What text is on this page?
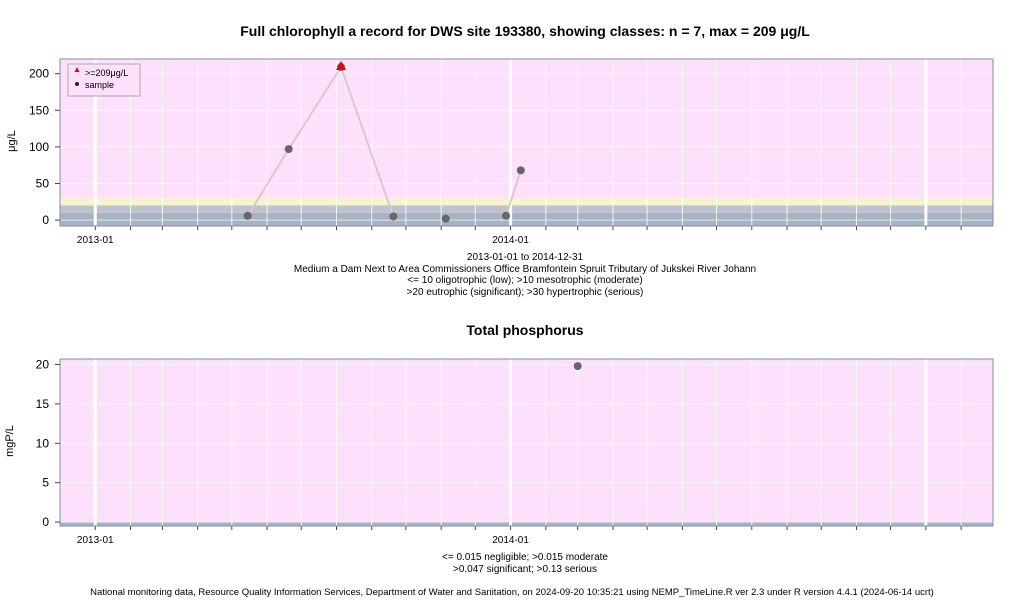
Full chlorophyll a record for DWS site 193380, showing classes: n = 7, max = 209 μg/L
μg/L
0
50
100
150
200
2013-01	2014-01
>=209μg/L
sample
2013-01-01 to 2014-12-31
Medium a Dam Next to Area Commissioners Office Bramfontein Spruit Tributary of Jukskei River Johann
<= 10 oligotrophic (low); >10 mesotrophic (moderate)
>20 eutrophic (significant); >30 hypertrophic (serious)
Total phosphorus
mgP/L
0
5
10
15
20
2013-01	2014-01
<= 0.015 negligible; >0.015 moderate
>0.047 significant; >0.13 serious
National monitoring data, Resource Quality Information Services, Department of Water and Sanitation, on 2024-09-20 10:35:21 using NEMP_TimeLine.R ver 2.3 under R version 4.4.1 (2024-06-14 ucrt)
